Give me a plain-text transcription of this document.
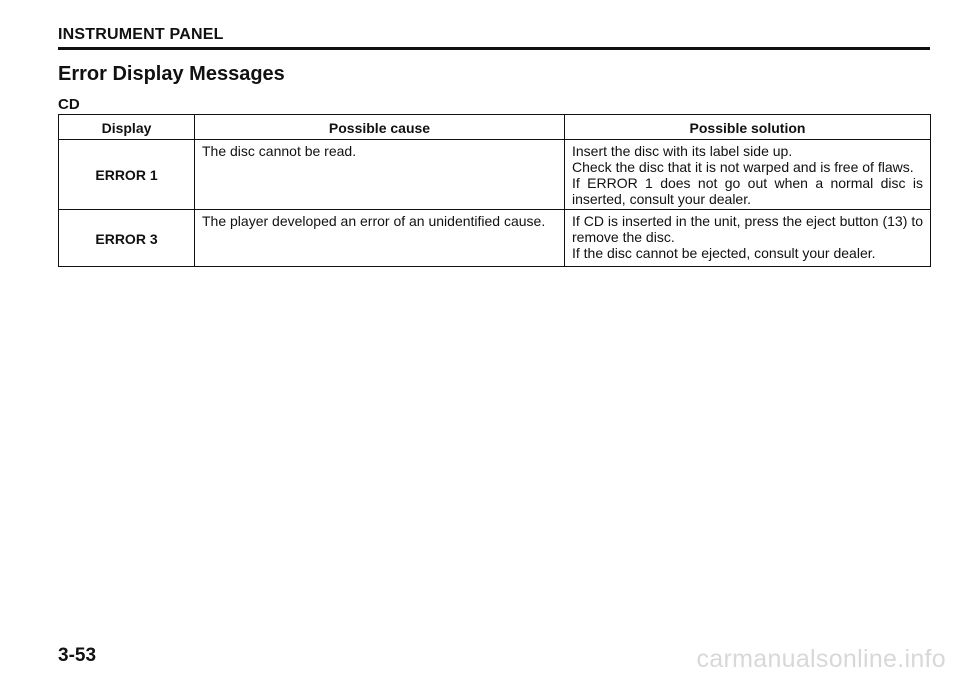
INSTRUMENT PANEL
Error Display Messages
CD
Display	Possible cause	Possible solution
ERROR 1	The disc cannot be read.	Insert the disc with its label side up.
Check the disc that it is not warped and is free of flaws.
If ERROR 1 does not go out when a normal disc is inserted, consult your dealer.

ERROR 3	The player developed an error of an unidentified cause.	If CD is inserted in the unit, press the eject button (13) to remove the disc.
If the disc cannot be ejected, consult your dealer.
3-53	carmanualsonline.info
